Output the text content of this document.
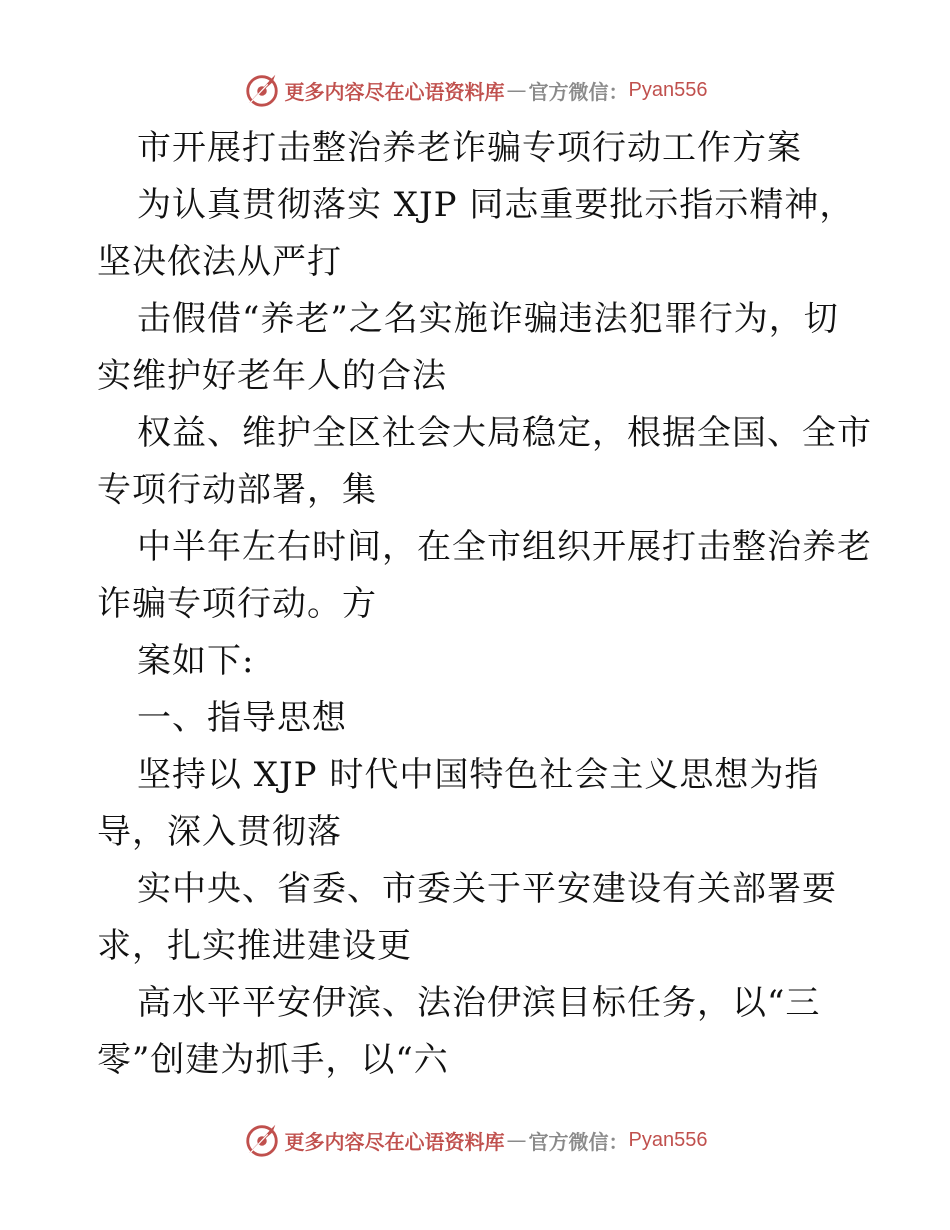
更多内容尽在心语资料库 — 官方微信： Pyan556
市开展打击整治养老诈骗专项行动工作方案
为认真贯彻落实 XJP 同志重要批示指示精神，
坚决依法从严打
击假借“养老”之名实施诈骗违法犯罪行为，切
实维护好老年人的合法
权益、维护全区社会大局稳定，根据全国、全市
专项行动部署，集
中半年左右时间，在全市组织开展打击整治养老
诈骗专项行动。方
案如下:
一、指导思想
坚持以 XJP 时代中国特色社会主义思想为指
导，深入贯彻落
实中央、省委、市委关于平安建设有关部署要
求，扎实推进建设更
高水平平安伊滨、法治伊滨目标任务，以“三
零”创建为抓手，以“六
更多内容尽在心语资料库 — 官方微信： Pyan556
